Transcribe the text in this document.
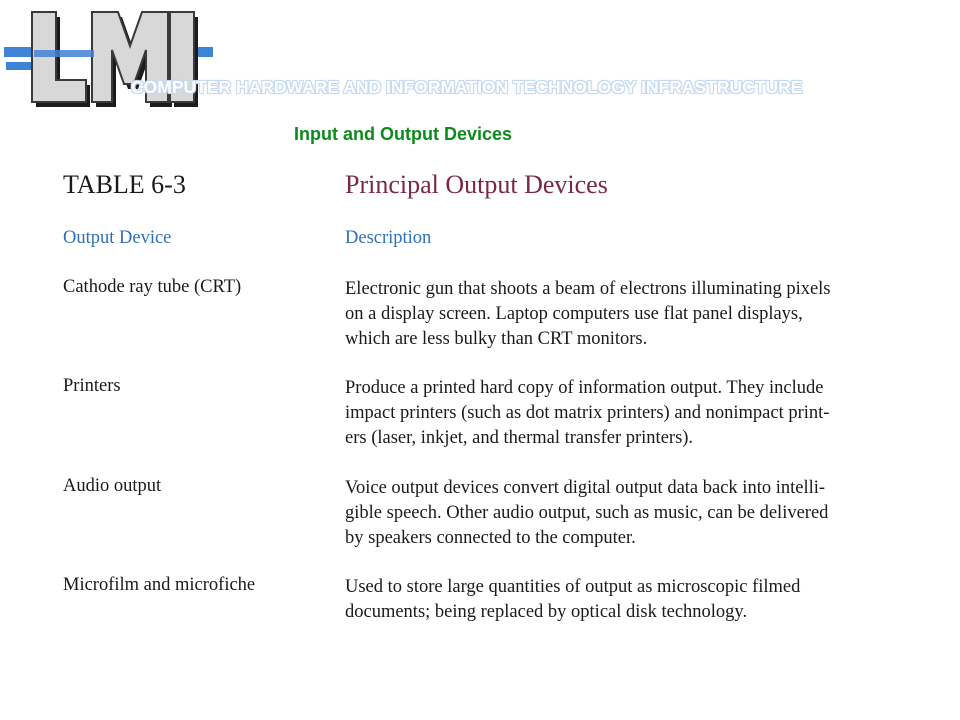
COMPUTER HARDWARE AND INFORMATION TECHNOLOGY INFRASTRUCTURE
Input and Output Devices
TABLE 6-3	Principal Output Devices
Output Device	Description
Cathode ray tube (CRT)	Electronic gun that shoots a beam of electrons illuminating pixels
on a display screen. Laptop computers use flat panel displays,
which are less bulky than CRT monitors.
Printers	Produce a printed hard copy of information output. They include
impact printers (such as dot matrix printers) and nonimpact print-
ers (laser, inkjet, and thermal transfer printers).
Audio output	Voice output devices convert digital output data back into intelli-
gible speech. Other audio output, such as music, can be delivered
by speakers connected to the computer.
Microfilm and microfiche	Used to store large quantities of output as microscopic filmed
documents; being replaced by optical disk technology.
